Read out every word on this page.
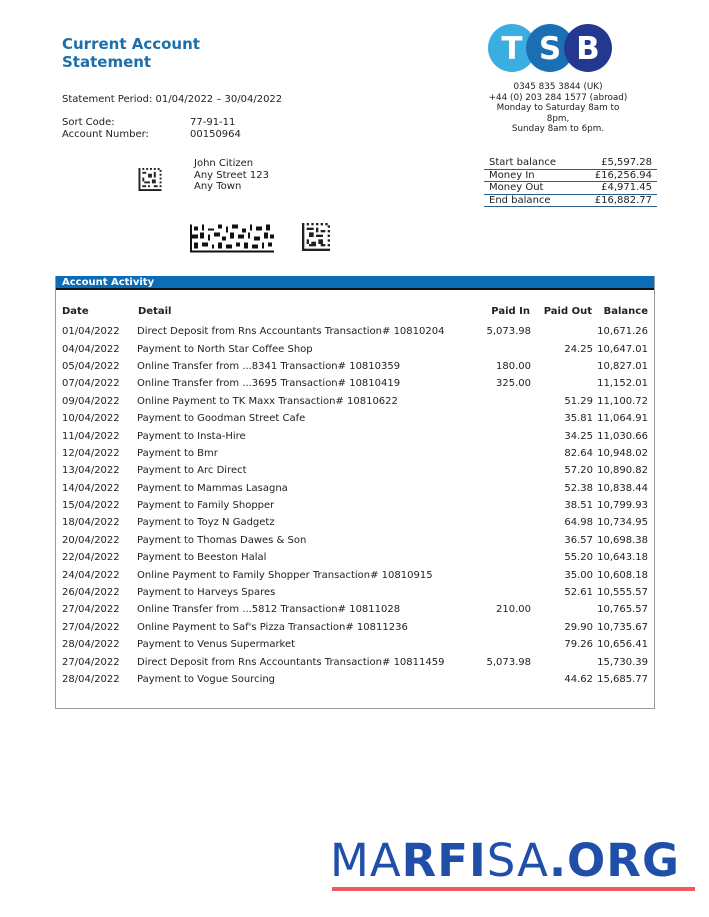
Current Account
Statement
Statement Period: 01/04/2022 – 30/04/2022
Sort Code:	77-91-11
Account Number:	00150964
John Citizen
Any Street 123
Any Town
T S B
0345 835 3844 (UK)
+44 (0) 203 284 1577 (abroad)
Monday to Saturday 8am to 8pm,
Sunday 8am to 6pm.
Start balance	£5,597.28
Money In	£16,256.94
Money Out	£4,971.45
End balance	£16,882.77
Account Activity
Date	Detail	Paid In	Paid Out	Balance
01/04/2022	Direct Deposit from Rns Accountants Transaction# 10810204	5,073.98		10,671.26
04/04/2022	Payment to North Star Coffee Shop		24.25	10,647.01
05/04/2022	Online Transfer from ...8341 Transaction# 10810359	180.00		10,827.01
07/04/2022	Online Transfer from ...3695 Transaction# 10810419	325.00		11,152.01
09/04/2022	Online Payment to TK Maxx Transaction# 10810622		51.29	11,100.72
10/04/2022	Payment to Goodman Street Cafe		35.81	11,064.91
11/04/2022	Payment to Insta-Hire		34.25	11,030.66
12/04/2022	Payment to Bmr		82.64	10,948.02
13/04/2022	Payment to Arc Direct		57.20	10,890.82
14/04/2022	Payment to Mammas Lasagna		52.38	10,838.44
15/04/2022	Payment to Family Shopper		38.51	10,799.93
18/04/2022	Payment to Toyz N Gadgetz		64.98	10,734.95
20/04/2022	Payment to Thomas Dawes & Son		36.57	10,698.38
22/04/2022	Payment to Beeston Halal		55.20	10,643.18
24/04/2022	Online Payment to Family Shopper Transaction# 10810915		35.00	10,608.18
26/04/2022	Payment to Harveys Spares		52.61	10,555.57
27/04/2022	Online Transfer from ...5812 Transaction# 10811028	210.00		10,765.57
27/04/2022	Online Payment to Saf's Pizza Transaction# 10811236		29.90	10,735.67
28/04/2022	Payment to Venus Supermarket		79.26	10,656.41
27/04/2022	Direct Deposit from Rns Accountants Transaction# 10811459	5,073.98		15,730.39
28/04/2022	Payment to Vogue Sourcing		44.62	15,685.77
MARFISA.ORG
